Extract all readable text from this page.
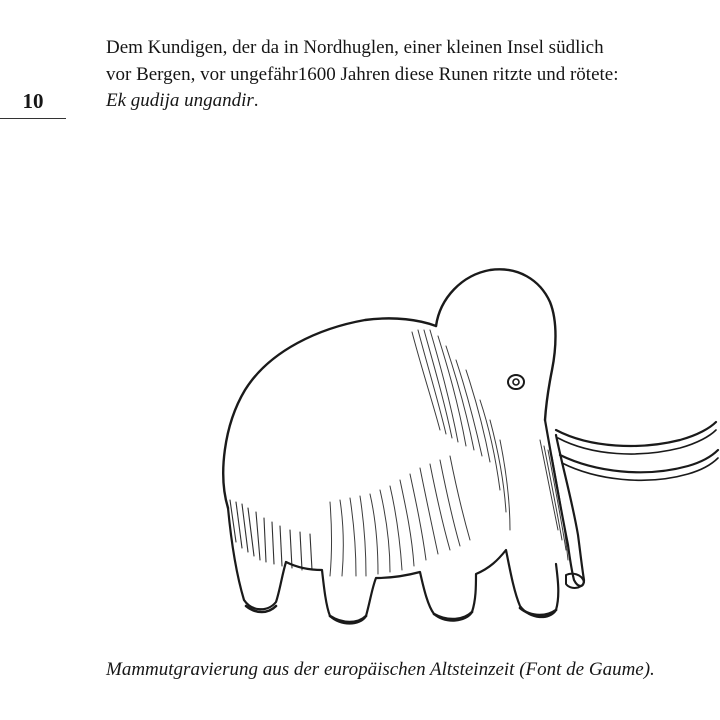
10
Dem Kundigen, der da in Nordhuglen, einer kleinen Insel südlich
vor Bergen, vor ungefähr1600 Jahren diese Runen ritzte und rötete:
Ek gudija ungandir.
Mammutgravierung aus der europäischen Altsteinzeit (Font de Gaume).
